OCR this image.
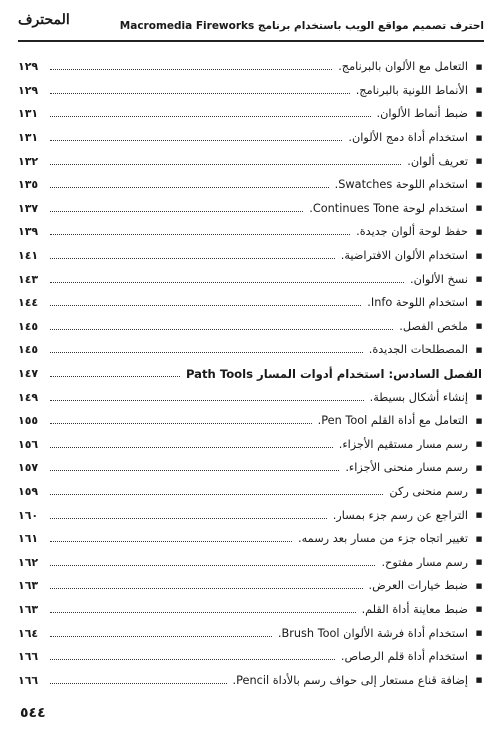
المحترف	احترف تصميم مواقع الويب باستخدام برنامج Macromedia Fireworks
■
التعامل مع الألوان بالبرنامج.
١٢٩
■
الأنماط اللونية بالبرنامج.
١٢٩
■
ضبط أنماط الألوان.
١٣١
■
استخدام أداة دمج الألوان.
١٣١
■
تعريف ألوان.
١٣٢
■
استخدام اللوحة Swatches.
١٣٥
■
استخدام لوحة Continues Tone.
١٣٧
■
حفظ لوحة ألوان جديدة.
١٣٩
■
استخدام الألوان الافتراضية.
١٤١
■
نسخ الألوان.
١٤٣
■
استخدام اللوحة Info.
١٤٤
■
ملخص الفصل.
١٤٥
■
المصطلحات الجديدة.
١٤٥
الفصل السادس: استخدام أدوات المسار Path Tools
١٤٧
■
إنشاء أشكال بسيطة.
١٤٩
■
التعامل مع أداة القلم Pen Tool.
١٥٥
■
رسم مسار مستقيم الأجزاء.
١٥٦
■
رسم مسار منحنى الأجزاء.
١٥٧
■
رسم منحنى ركن
١٥٩
■
التراجع عن رسم جزء بمسار.
١٦٠
■
تغيير اتجاه جزء من مسار بعد رسمه.
١٦١
■
رسم مسار مفتوح.
١٦٢
■
ضبط خيارات العرض.
١٦٣
■
ضبط معاينة أداة القلم.
١٦٣
■
استخدام أداة فرشة الألوان Brush Tool.
١٦٤
■
استخدام أداة قلم الرصاص.
١٦٦
■
إضافة قناع مستعار إلى حواف رسم بالأداة Pencil.
١٦٦
٥٤٤
